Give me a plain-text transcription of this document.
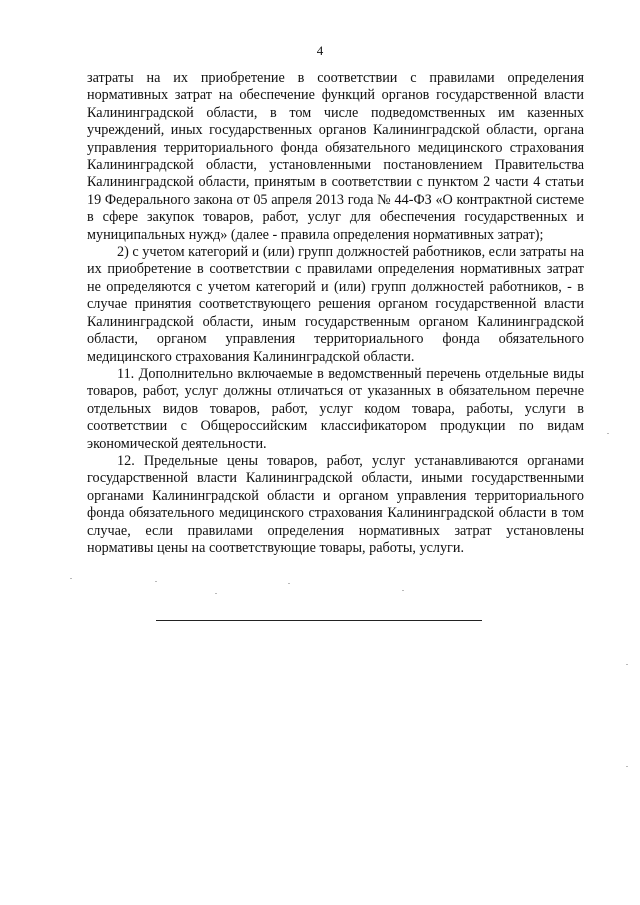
4

затраты на их приобретение в соответствии с правилами определения нормативных затрат на обеспечение функций органов государственной власти Калининградской области, в том числе подведомственных им казенных учреждений, иных государственных органов Калининградской области, органа управления территориального фонда обязательного медицинского страхования Калининградской области, установленными постановлением Правительства Калининградской области, принятым в соответствии с пунктом 2 части 4 статьи 19 Федерального закона от 05 апреля 2013 года № 44-ФЗ «О контрактной системе в сфере закупок товаров, работ, услуг для обеспечения государственных и муниципальных нужд» (далее - правила определения нормативных затрат);

2) с учетом категорий и (или) групп должностей работников, если затраты на их приобретение в соответствии с правилами определения нормативных затрат не определяются с учетом категорий и (или) групп должностей работников, - в случае принятия соответствующего решения органом государственной власти Калининградской области, иным государственным органом Калининградской области, органом управления территориального фонда обязательного медицинского страхования Калининградской области.

11. Дополнительно включаемые в ведомственный перечень отдельные виды товаров, работ, услуг должны отличаться от указанных в обязательном перечне отдельных видов товаров, работ, услуг кодом товара, работы, услуги в соответствии с Общероссийским классификатором продукции по видам экономической деятельности.

12. Предельные цены товаров, работ, услуг устанавливаются органами государственной власти Калининградской области, иными государственными органами Калининградской области и органом управления территориального фонда обязательного медицинского страхования Калининградской области в том случае, если правилами определения нормативных затрат установлены нормативы цены на соответствующие товары, работы, услуги.
